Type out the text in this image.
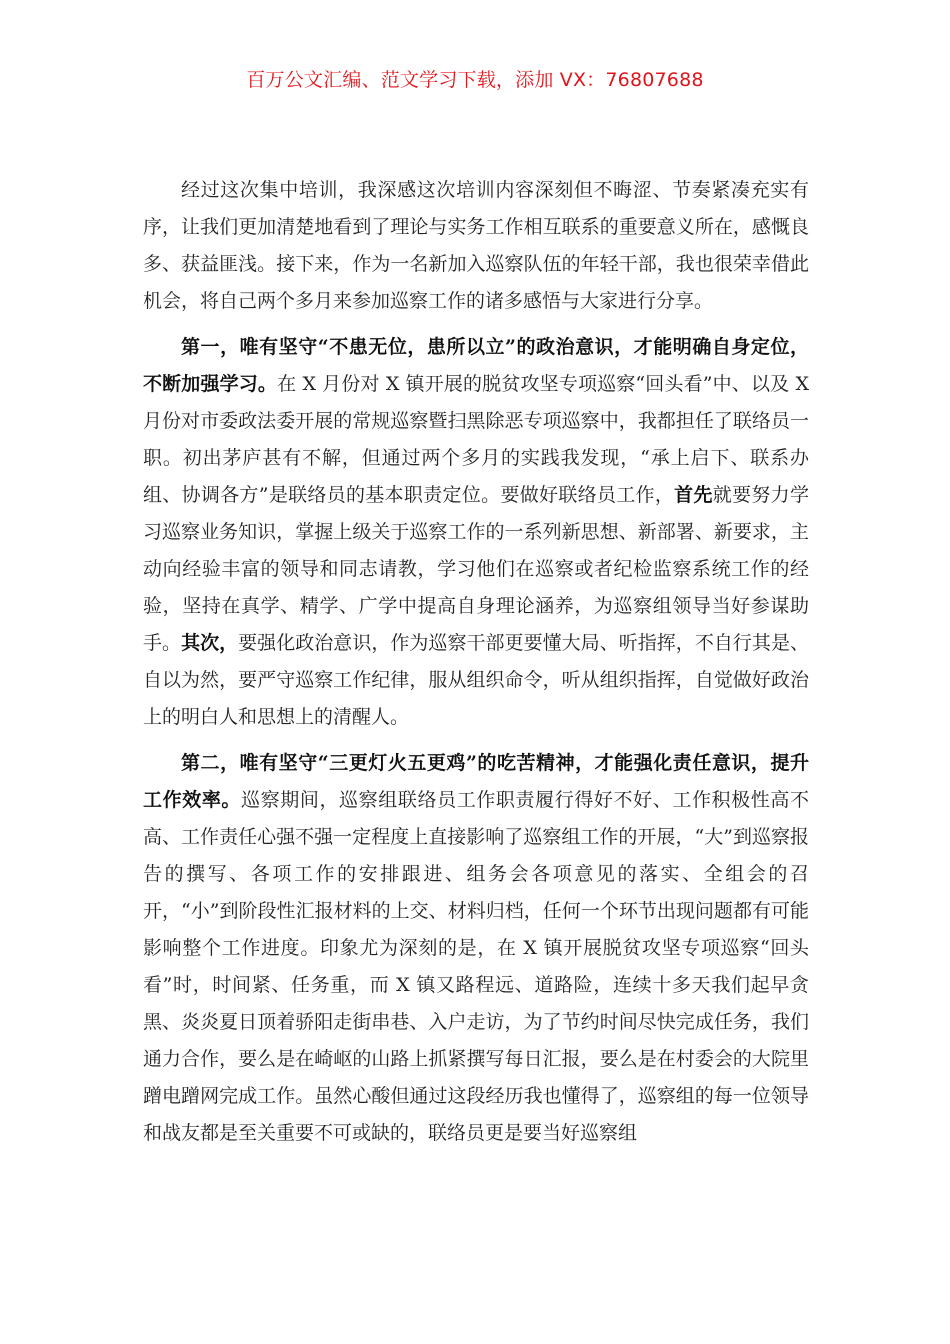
百万公文汇编、范文学习下载，添加 VX：76807688

经过这次集中培训，我深感这次培训内容深刻但不晦涩、节奏紧凑充实有序，让我们更加清楚地看到了理论与实务工作相互联系的重要意义所在，感慨良多、获益匪浅。接下来，作为一名新加入巡察队伍的年轻干部，我也很荣幸借此机会，将自己两个多月来参加巡察工作的诸多感悟与大家进行分享。

第一，唯有坚守“不患无位，患所以立”的政治意识，才能明确自身定位，不断加强学习。在 X 月份对 X 镇开展的脱贫攻坚专项巡察“回头看”中、以及 X 月份对市委政法委开展的常规巡察暨扫黑除恶专项巡察中，我都担任了联络员一职。初出茅庐甚有不解，但通过两个多月的实践我发现，“承上启下、联系办组、协调各方”是联络员的基本职责定位。要做好联络员工作，首先就要努力学习巡察业务知识，掌握上级关于巡察工作的一系列新思想、新部署、新要求，主动向经验丰富的领导和同志请教，学习他们在巡察或者纪检监察系统工作的经验，坚持在真学、精学、广学中提高自身理论涵养，为巡察组领导当好参谋助手。其次，要强化政治意识，作为巡察干部更要懂大局、听指挥，不自行其是、自以为然，要严守巡察工作纪律，服从组织命令，听从组织指挥，自觉做好政治上的明白人和思想上的清醒人。

第二，唯有坚守“三更灯火五更鸡”的吃苦精神，才能强化责任意识，提升工作效率。巡察期间，巡察组联络员工作职责履行得好不好、工作积极性高不高、工作责任心强不强一定程度上直接影响了巡察组工作的开展，“大”到巡察报告的撰写、各项工作的安排跟进、组务会各项意见的落实、全组会的召开，“小”到阶段性汇报材料的上交、材料归档，任何一个环节出现问题都有可能影响整个工作进度。印象尤为深刻的是，在 X 镇开展脱贫攻坚专项巡察“回头看”时，时间紧、任务重，而 X 镇又路程远、道路险，连续十多天我们起早贪黑、炎炎夏日顶着骄阳走街串巷、入户走访，为了节约时间尽快完成任务，我们通力合作，要么是在崎岖的山路上抓紧撰写每日汇报，要么是在村委会的大院里蹭电蹭网完成工作。虽然心酸但通过这段经历我也懂得了，巡察组的每一位领导和战友都是至关重要不可或缺的，联络员更是要当好巡察组
